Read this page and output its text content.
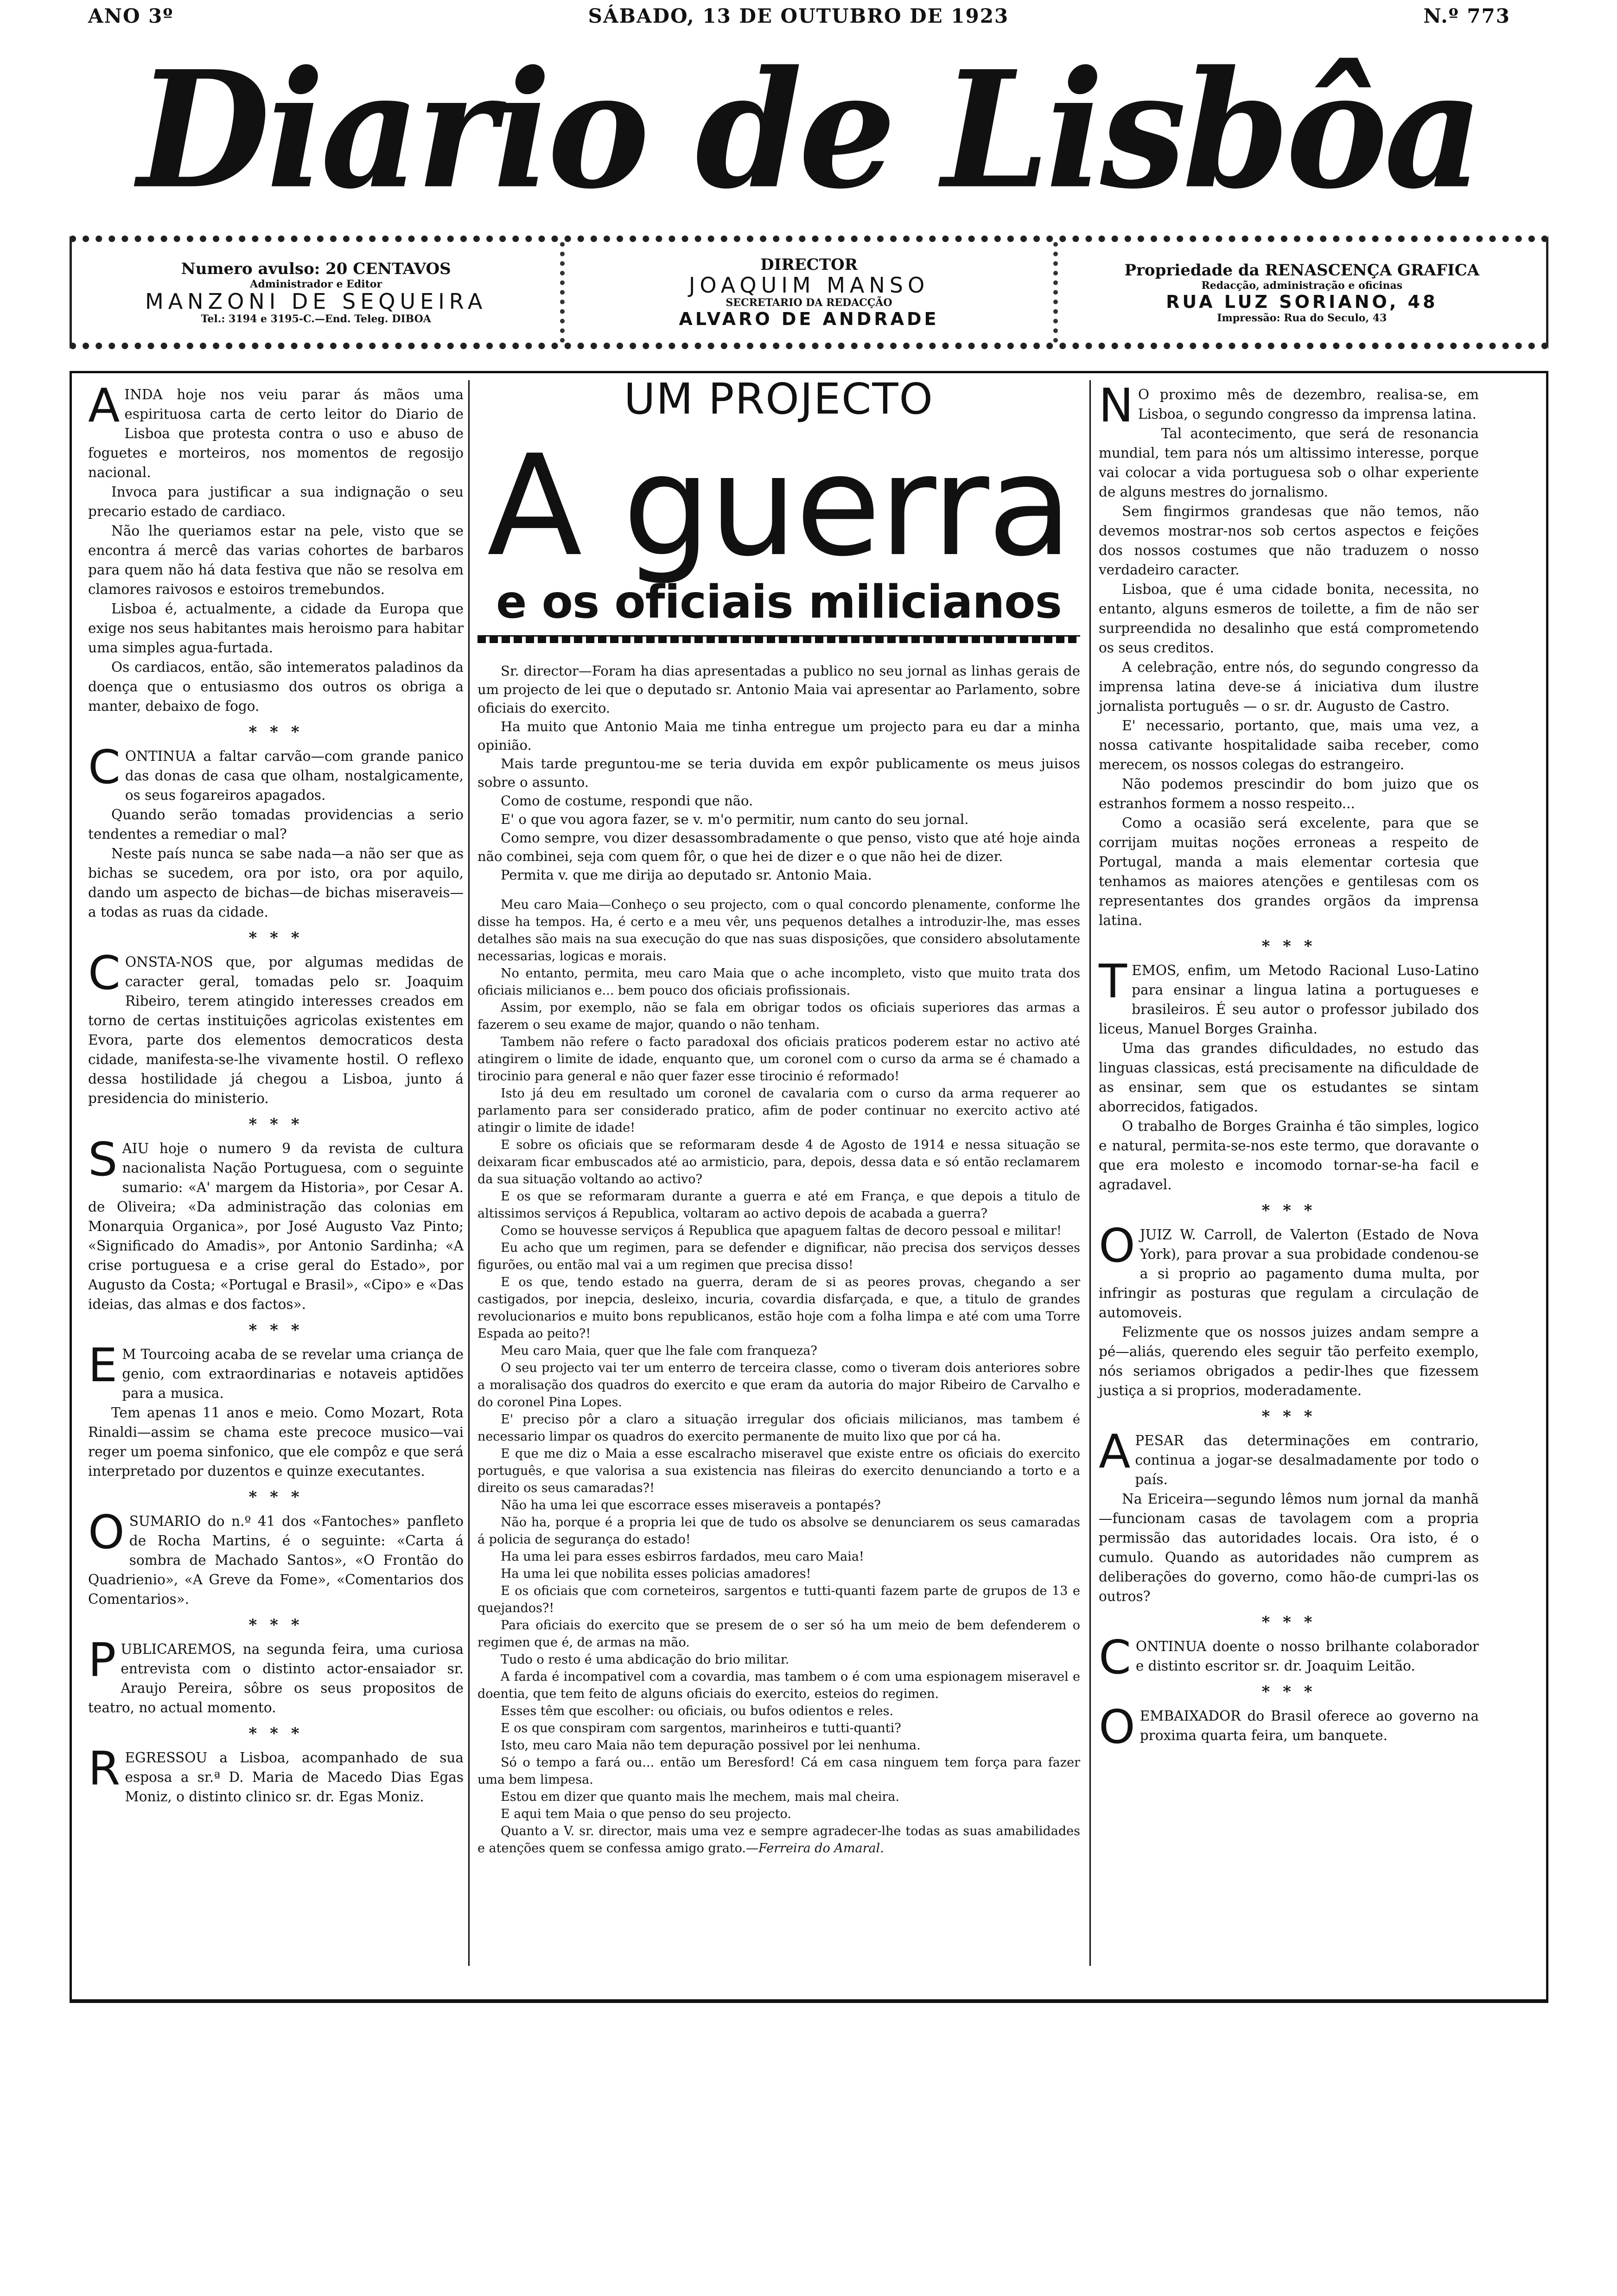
ANO 3º	SÁBADO, 13 DE OUTUBRO DE 1923	N.º 773
Diario de Lisbôa
Numero avulso: 20 CENTAVOS
Administrador e Editor
MANZONI DE SEQUEIRA
Tel.: 3194 e 3195-C.—End. Teleg. DIBOA
DIRECTOR
JOAQUIM MANSO
SECRETARIO DA REDACÇÃO
ALVARO DE ANDRADE
Propriedade da RENASCENÇA GRAFICA
Redacção, administração e oficinas
RUA LUZ SORIANO, 48
Impressão: Rua do Seculo, 43

AINDA hoje nos veiu parar ás mãos uma espirituosa carta de certo leitor do Diario de Lisboa que protesta contra o uso e abuso de foguetes e morteiros, nos momentos de regosijo nacional.

Invoca para justificar a sua indignação o seu precario estado de cardiaco.

Não lhe queriamos estar na pele, visto que se encontra á mercê das varias cohortes de barbaros para quem não há data festiva que não se resolva em clamores raivosos e estoiros tremebundos.

Lisboa é, actualmente, a cidade da Europa que exige nos seus habitantes mais heroismo para habitar uma simples agua-furtada.

Os cardiacos, então, são intemeratos paladinos da doença que o entusiasmo dos outros os obriga a manter, debaixo de fogo.

* * *

CONTINUA a faltar carvão—com grande panico das donas de casa que olham, nostalgicamente, os seus fogareiros apagados.

Quando serão tomadas providencias a serio tendentes a remediar o mal?

Neste país nunca se sabe nada—a não ser que as bichas se sucedem, ora por isto, ora por aquilo, dando um aspecto de bichas—de bichas miseraveis—a todas as ruas da cidade.

* * *

CONSTA-NOS que, por algumas medidas de caracter geral, tomadas pelo sr. Joaquim Ribeiro, terem atingido interesses creados em torno de certas instituições agricolas existentes em Evora, parte dos elementos democraticos desta cidade, manifesta-se-lhe vivamente hostil. O reflexo dessa hostilidade já chegou a Lisboa, junto á presidencia do ministerio.

* * *

SAIU hoje o numero 9 da revista de cultura nacionalista Nação Portuguesa, com o seguinte sumario: «A' margem da Historia», por Cesar A. de Oliveira; «Da administração das colonias em Monarquia Organica», por José Augusto Vaz Pinto; «Significado do Amadis», por Antonio Sardinha; «A crise portuguesa e a crise geral do Estado», por Augusto da Costa; «Portugal e Brasil», «Cipo» e «Das ideias, das almas e dos factos».

* * *

E M Tourcoing acaba de se revelar uma criança de genio, com extraordinarias e notaveis aptidões para a musica.

Tem apenas 11 anos e meio. Como Mozart, Rota Rinaldi—assim se chama este precoce musico—vai reger um poema sinfonico, que ele compôz e que será interpretado por duzentos e quinze executantes.

* * *

OSUMARIO do n.º 41 dos «Fantoches» panfleto de Rocha Martins, é o seguinte: «Carta á sombra de Machado Santos», «O Frontão do Quadrienio», «A Greve da Fome», «Comentarios dos Comentarios».

* * *

PUBLICAREMOS, na segunda feira, uma curiosa entrevista com o distinto actor-ensaiador sr. Araujo Pereira, sôbre os seus propositos de teatro, no actual momento.

* * *

REGRESSOU a Lisboa, acompanhado de sua esposa a sr.ª D. Maria de Macedo Dias Egas Moniz, o distinto clinico sr. dr. Egas Moniz.

UM PROJECTO
A guerra
e os oficiais milicianos

Sr. director—Foram ha dias apresentadas a publico no seu jornal as linhas gerais de um projecto de lei que o deputado sr. Antonio Maia vai apresentar ao Parlamento, sobre oficiais do exercito.

Ha muito que Antonio Maia me tinha entregue um projecto para eu dar a minha opinião.

Mais tarde preguntou-me se teria duvida em expôr publicamente os meus juisos sobre o assunto.

Como de costume, respondi que não.

E' o que vou agora fazer, se v. m'o permitir, num canto do seu jornal.

Como sempre, vou dizer desassombradamente o que penso, visto que até hoje ainda não combinei, seja com quem fôr, o que hei de dizer e o que não hei de dizer.

Permita v. que me dirija ao deputado sr. Antonio Maia.

Meu caro Maia—Conheço o seu projecto, com o qual concordo plenamente, conforme lhe disse ha tempos. Ha, é certo e a meu vêr, uns pequenos detalhes a introduzir-lhe, mas esses detalhes são mais na sua execução do que nas suas disposições, que considero absolutamente necessarias, logicas e morais.

No entanto, permita, meu caro Maia que o ache incompleto, visto que muito trata dos oficiais milicianos e... bem pouco dos oficiais profissionais.

Assim, por exemplo, não se fala em obrigar todos os oficiais superiores das armas a fazerem o seu exame de major, quando o não tenham.

Tambem não refere o facto paradoxal dos oficiais praticos poderem estar no activo até atingirem o limite de idade, enquanto que, um coronel com o curso da arma se é chamado a tirocinio para general e não quer fazer esse tirocinio é reformado!

Isto já deu em resultado um coronel de cavalaria com o curso da arma requerer ao parlamento para ser considerado pratico, afim de poder continuar no exercito activo até atingir o limite de idade!

E sobre os oficiais que se reformaram desde 4 de Agosto de 1914 e nessa situação se deixaram ficar embuscados até ao armisticio, para, depois, dessa data e só então reclamarem da sua situação voltando ao activo?

E os que se reformaram durante a guerra e até em França, e que depois a titulo de altissimos serviços á Republica, voltaram ao activo depois de acabada a guerra?

Como se houvesse serviços á Republica que apaguem faltas de decoro pessoal e militar!

Eu acho que um regimen, para se defender e dignificar, não precisa dos serviços desses figurões, ou então mal vai a um regimen que precisa disso!

E os que, tendo estado na guerra, deram de si as peores provas, chegando a ser castigados, por inepcia, desleixo, incuria, covardia disfarçada, e que, a titulo de grandes revolucionarios e muito bons republicanos, estão hoje com a folha limpa e até com uma Torre Espada ao peito?!

Meu caro Maia, quer que lhe fale com franqueza?

O seu projecto vai ter um enterro de terceira classe, como o tiveram dois anteriores sobre a moralisação dos quadros do exercito e que eram da autoria do major Ribeiro de Carvalho e do coronel Pina Lopes.

E' preciso pôr a claro a situação irregular dos oficiais milicianos, mas tambem é necessario limpar os quadros do exercito permanente de muito lixo que por cá ha.

E que me diz o Maia a esse escalracho miseravel que existe entre os oficiais do exercito português, e que valorisa a sua existencia nas fileiras do exercito denunciando a torto e a direito os seus camaradas?!

Não ha uma lei que escorrace esses miseraveis a pontapés?

Não ha, porque é a propria lei que de tudo os absolve se denunciarem os seus camaradas á policia de segurança do estado!

Ha uma lei para esses esbirros fardados, meu caro Maia!

Ha uma lei que nobilita esses policias amadores!

E os oficiais que com corneteiros, sargentos e tutti-quanti fazem parte de grupos de 13 e quejandos?!

Para oficiais do exercito que se presem de o ser só ha um meio de bem defenderem o regimen que é, de armas na mão.

Tudo o resto é uma abdicação do brio militar.

A farda é incompativel com a covardia, mas tambem o é com uma espionagem miseravel e doentia, que tem feito de alguns oficiais do exercito, esteios do regimen.

Esses têm que escolher: ou oficiais, ou bufos odientos e reles.

E os que conspiram com sargentos, marinheiros e tutti-quanti?

Isto, meu caro Maia não tem depuração possivel por lei nenhuma.

Só o tempo a fará ou... então um Beresford! Cá em casa ninguem tem força para fazer uma bem limpesa.

Estou em dizer que quanto mais lhe mechem, mais mal cheira.

E aqui tem Maia o que penso do seu projecto.

Quanto a V. sr. director, mais uma vez e sempre agradecer-lhe todas as suas amabilidades e atenções quem se confessa amigo grato.—Ferreira do Amaral.

N O proximo mês de dezembro, realisa-se, em Lisboa, o segundo congresso da imprensa latina.

Tal acontecimento, que será de resonancia mundial, tem para nós um altissimo interesse, porque vai colocar a vida portuguesa sob o olhar experiente de alguns mestres do jornalismo.

Sem fingirmos grandesas que não temos, não devemos mostrar-nos sob certos aspectos e feições dos nossos costumes que não traduzem o nosso verdadeiro caracter.

Lisboa, que é uma cidade bonita, necessita, no entanto, alguns esmeros de toilette, a fim de não ser surpreendida no desalinho que está comprometendo os seus creditos.

A celebração, entre nós, do segundo congresso da imprensa latina deve-se á iniciativa dum ilustre jornalista português — o sr. dr. Augusto de Castro.

E' necessario, portanto, que, mais uma vez, a nossa cativante hospitalidade saiba receber, como merecem, os nossos colegas do estrangeiro.

Não podemos prescindir do bom juizo que os estranhos formem a nosso respeito...

Como a ocasião será excelente, para que se corrijam muitas noções erroneas a respeito de Portugal, manda a mais elementar cortesia que tenhamos as maiores atenções e gentilesas com os representantes dos grandes orgãos da imprensa latina.

* * *

TEMOS, enfim, um Metodo Racional Luso-Latino para ensinar a lingua latina a portugueses e brasileiros. É seu autor o professor jubilado dos liceus, Manuel Borges Grainha.

Uma das grandes dificuldades, no estudo das linguas classicas, está precisamente na dificuldade de as ensinar, sem que os estudantes se sintam aborrecidos, fatigados.

O trabalho de Borges Grainha é tão simples, logico e natural, permita-se-nos este termo, que doravante o que era molesto e incomodo tornar-se-ha facil e agradavel.

* * *

OJUIZ W. Carroll, de Valerton (Estado de Nova York), para provar a sua probidade condenou-se a si proprio ao pagamento duma multa, por infringir as posturas que regulam a circulação de automoveis.

Felizmente que os nossos juizes andam sempre a pé—aliás, querendo eles seguir tão perfeito exemplo, nós seriamos obrigados a pedir-lhes que fizessem justiça a si proprios, moderadamente.

* * *

APESAR das determinações em contrario, continua a jogar-se desalmadamente por todo o país.

Na Ericeira—segundo lêmos num jornal da manhã—funcionam casas de tavolagem com a propria permissão das autoridades locais. Ora isto, é o cumulo. Quando as autoridades não cumprem as deliberações do governo, como hão-de cumpri-las os outros?

* * *

CONTINUA doente o nosso brilhante colaborador e distinto escritor sr. dr. Joaquim Leitão.

* * *

OEMBAIXADOR do Brasil oferece ao governo na proxima quarta feira, um banquete.
